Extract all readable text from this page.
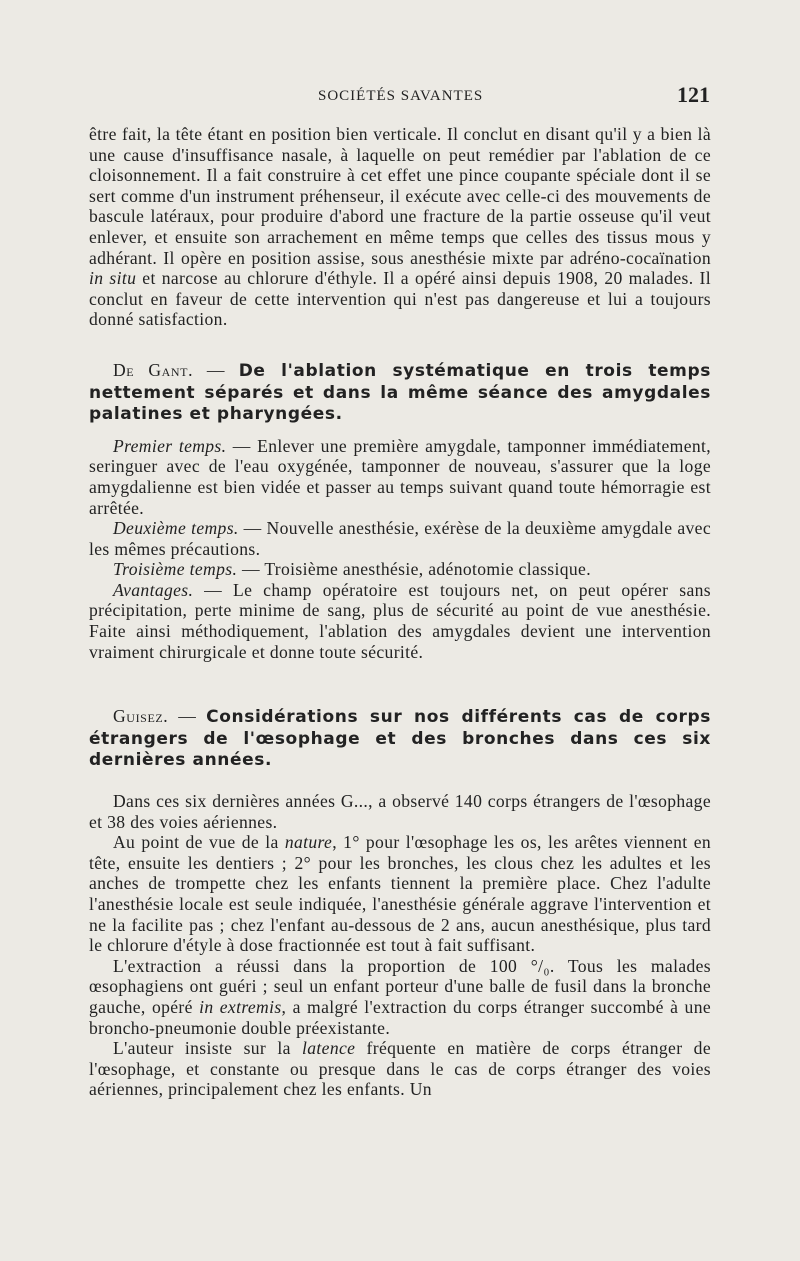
SOCIÉTÉS SAVANTES	121

être fait, la tête étant en position bien verticale. Il conclut en disant qu'il y a bien là une cause d'insuffisance nasale, à laquelle on peut remédier par l'ablation de ce cloisonnement. Il a fait construire à cet effet une pince coupante spéciale dont il se sert comme d'un instrument préhenseur, il exécute avec celle-ci des mouvements de bascule latéraux, pour produire d'abord une fracture de la partie osseuse qu'il veut enlever, et ensuite son arrachement en même temps que celles des tissus mous y adhérant. Il opère en position assise, sous anesthésie mixte par adréno-cocaïnation in situ et narcose au chlorure d'éthyle. Il a opéré ainsi depuis 1908, 20 malades. Il conclut en faveur de cette intervention qui n'est pas dangereuse et lui a toujours donné satisfaction.

De Gant. — De l'ablation systématique en trois temps nettement séparés et dans la même séance des amygdales palatines et pharyngées.

Premier temps. — Enlever une première amygdale, tamponner immédiatement, seringuer avec de l'eau oxygénée, tamponner de nouveau, s'assurer que la loge amygdalienne est bien vidée et passer au temps suivant quand toute hémorragie est arrêtée.

Deuxième temps. — Nouvelle anesthésie, exérèse de la deuxième amygdale avec les mêmes précautions.

Troisième temps. — Troisième anesthésie, adénotomie classique.

Avantages. — Le champ opératoire est toujours net, on peut opérer sans précipitation, perte minime de sang, plus de sécurité au point de vue anesthésie. Faite ainsi méthodiquement, l'ablation des amygdales devient une intervention vraiment chirurgicale et donne toute sécurité.

Guisez. — Considérations sur nos différents cas de corps étrangers de l'œsophage et des bronches dans ces six dernières années.

Dans ces six dernières années G..., a observé 140 corps étrangers de l'œsophage et 38 des voies aériennes.

Au point de vue de la nature, 1° pour l'œsophage les os, les arêtes viennent en tête, ensuite les dentiers ; 2° pour les bronches, les clous chez les adultes et les anches de trompette chez les enfants tiennent la première place. Chez l'adulte l'anesthésie locale est seule indiquée, l'anesthésie générale aggrave l'intervention et ne la facilite pas ; chez l'enfant au-dessous de 2 ans, aucun anesthésique, plus tard le chlorure d'étyle à dose fractionnée est tout à fait suffisant.

L'extraction a réussi dans la proportion de 100 °/₀. Tous les malades œsophagiens ont guéri ; seul un enfant porteur d'une balle de fusil dans la bronche gauche, opéré in extremis, a malgré l'extraction du corps étranger succombé à une broncho-pneumonie double préexistante.

L'auteur insiste sur la latence fréquente en matière de corps étranger de l'œsophage, et constante ou presque dans le cas de corps étranger des voies aériennes, principalement chez les enfants. Un
